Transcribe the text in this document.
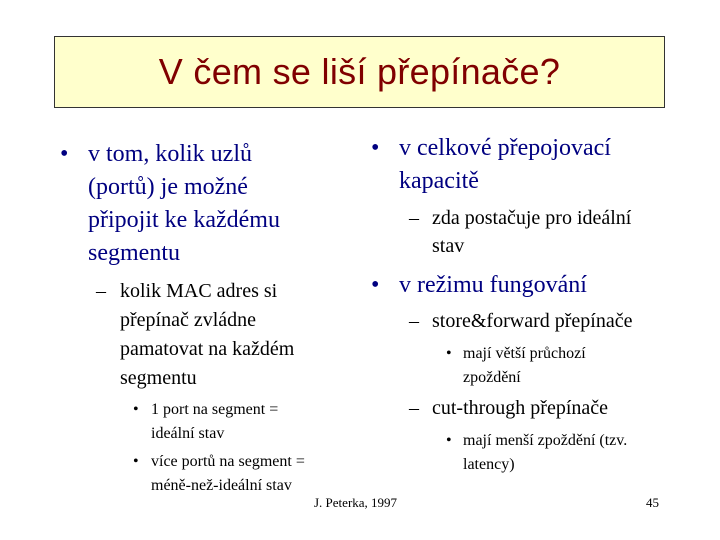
V čem se liší přepínače?
• v tom, kolik uzlů
(portů) je možné
připojit ke každému
segmentu
– kolik MAC adres si
přepínač zvládne
pamatovat na každém
segmentu
• 1 port na segment =
ideální stav
• více portů na segment =
méně-než-ideální stav
• v celkové přepojovací
kapacitě
– zda postačuje pro ideální
stav
• v režimu fungování
– store&forward přepínače
• mají větší průchozí
zpoždění
– cut-through přepínače
• mají menší zpoždění (tzv.
latency)
J. Peterka, 1997	45
